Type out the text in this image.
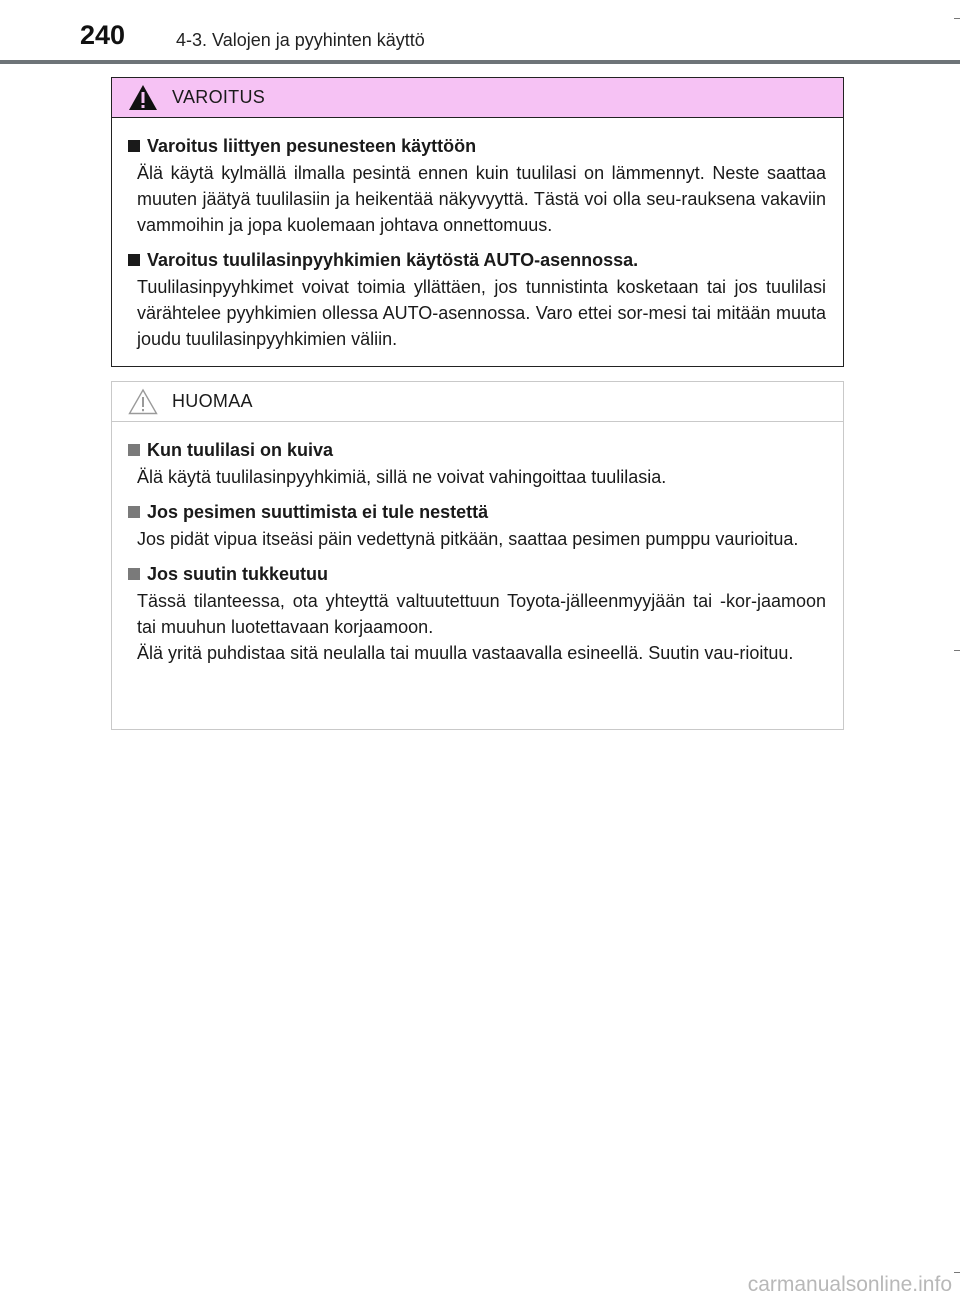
240	4-3. Valojen ja pyyhinten käyttö
VAROITUS
Varoitus liittyen pesunesteen käyttöön
Älä käytä kylmällä ilmalla pesintä ennen kuin tuulilasi on lämmennyt. Neste saattaa muuten jäätyä tuulilasiin ja heikentää näkyvyyttä. Tästä voi olla seu-rauksena vakaviin vammoihin ja jopa kuolemaan johtava onnettomuus.
Varoitus tuulilasinpyyhkimien käytöstä AUTO-asennossa.
Tuulilasinpyyhkimet voivat toimia yllättäen, jos tunnistinta kosketaan tai jos tuulilasi värähtelee pyyhkimien ollessa AUTO-asennossa. Varo ettei sor-mesi tai mitään muuta joudu tuulilasinpyyhkimien väliin.
HUOMAA
Kun tuulilasi on kuiva
Älä käytä tuulilasinpyyhkimiä, sillä ne voivat vahingoittaa tuulilasia.
Jos pesimen suuttimista ei tule nestettä
Jos pidät vipua itseäsi päin vedettynä pitkään, saattaa pesimen pumppu vaurioitua.
Jos suutin tukkeutuu
Tässä tilanteessa, ota yhteyttä valtuutettuun Toyota-jälleenmyyjään tai -kor-jaamoon tai muuhun luotettavaan korjaamoon.
Älä yritä puhdistaa sitä neulalla tai muulla vastaavalla esineellä. Suutin vau-rioituu.
carmanualsonline.info
